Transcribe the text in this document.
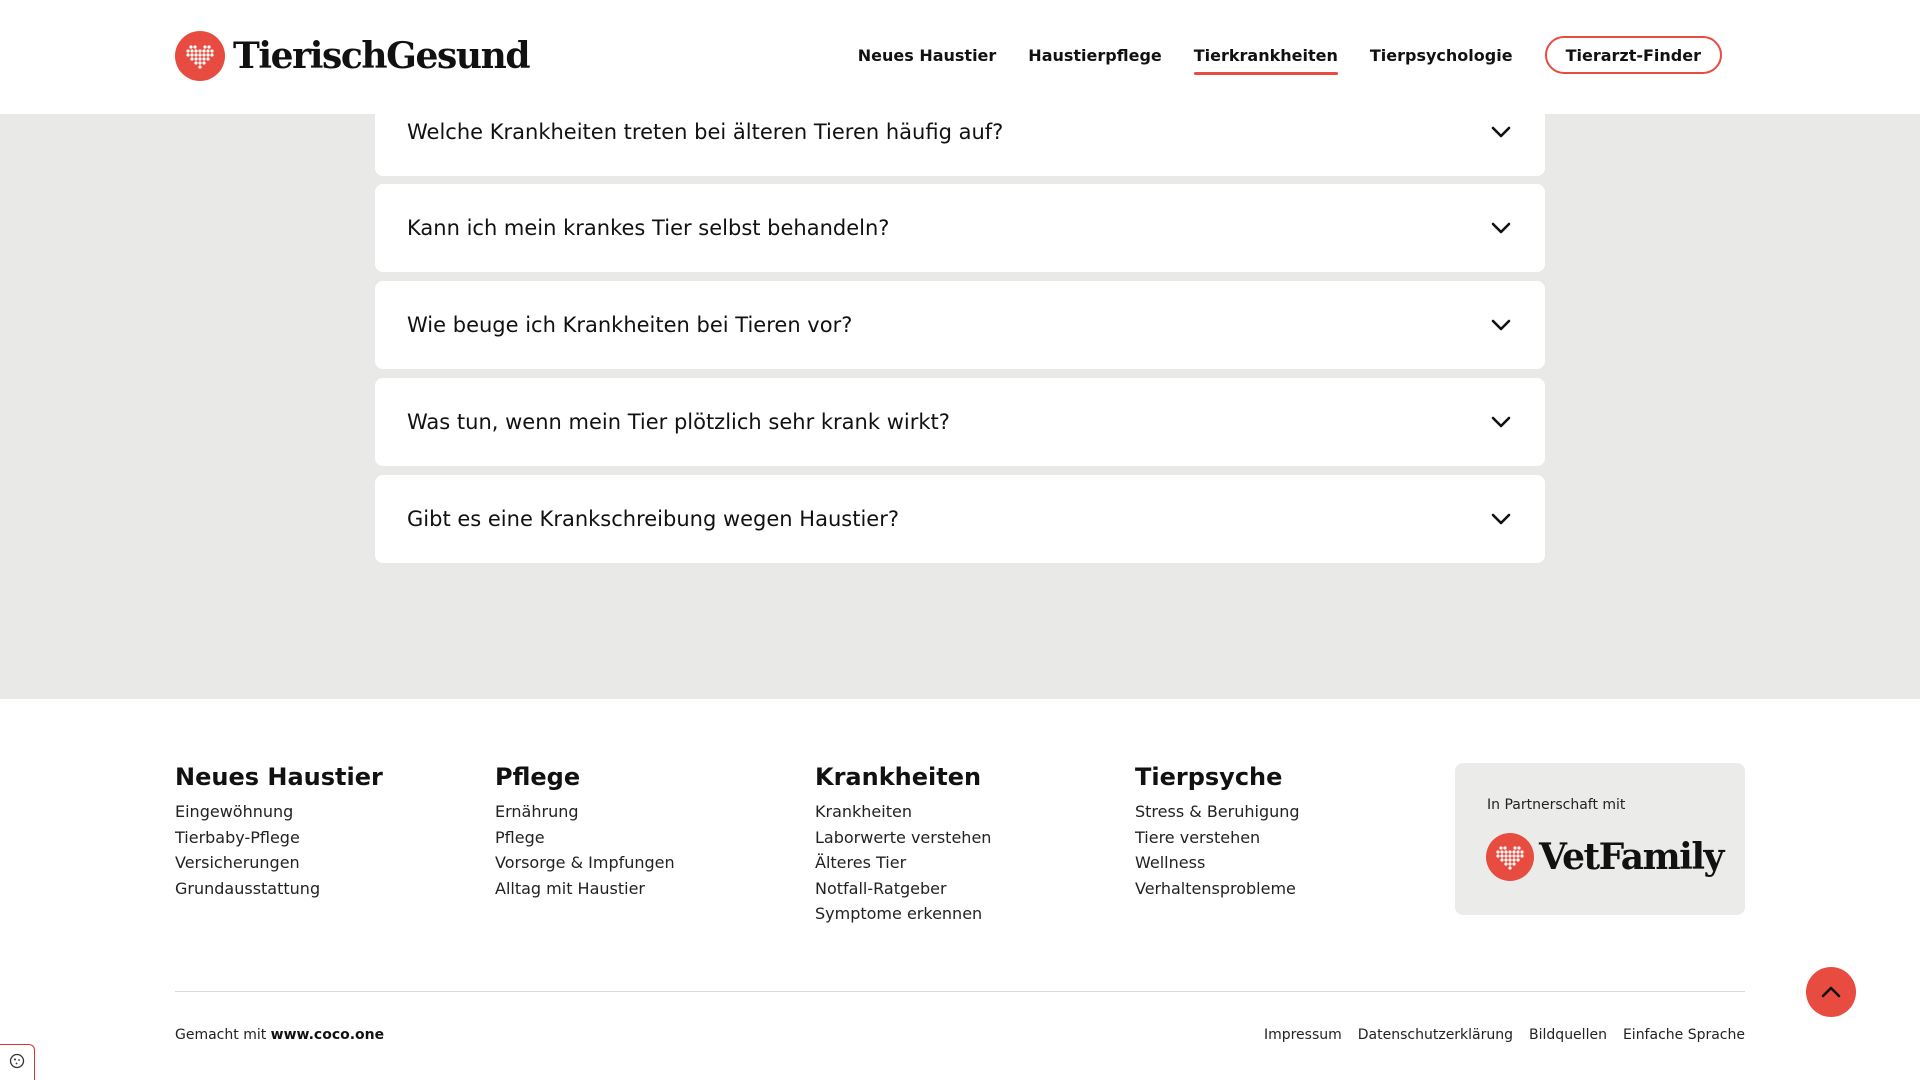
TierischGesund	Neues Haustier Haustierpflege Tierkrankheiten Tierpsychologie	Tierarzt-Finder
Welche Krankheiten treten bei älteren Tieren häufig auf?
Kann ich mein krankes Tier selbst behandeln?
Wie beuge ich Krankheiten bei Tieren vor?
Was tun, wenn mein Tier plötzlich sehr krank wirkt?
Gibt es eine Krankschreibung wegen Haustier?
Neues Haustier
Eingewöhnung
Tierbaby-Pflege
Versicherungen
Grundausstattung
Pflege
Ernährung
Pflege
Vorsorge & Impfungen
Alltag mit Haustier
Krankheiten
Krankheiten
Laborwerte verstehen
Älteres Tier
Notfall-Ratgeber
Symptome erkennen
Tierpsyche
Stress & Beruhigung
Tiere verstehen
Wellness
Verhaltensprobleme
In Partnerschaft mit
VetFamily
Gemacht mit www.coco.one	Impressum Datenschutzerklärung Bildquellen Einfache Sprache
